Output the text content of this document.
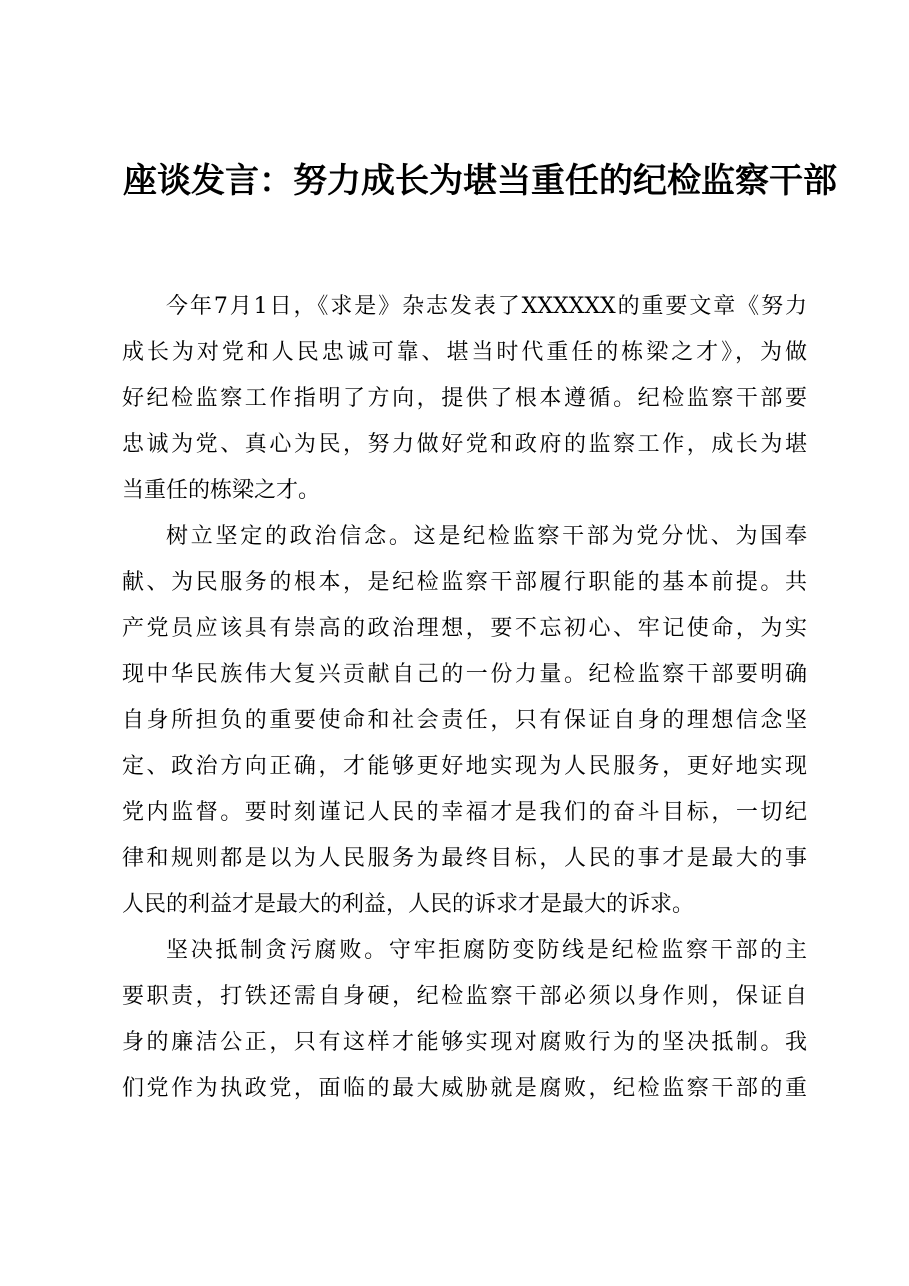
座谈发言：努力成长为堪当重任的纪检监察干部
今年7月1日，《求是》杂志发表了XXXXXX的重要文章《努力
成长为对党和人民忠诚可靠、堪当时代重任的栋梁之才》，为做
好纪检监察工作指明了方向，提供了根本遵循。纪检监察干部要
忠诚为党、真心为民，努力做好党和政府的监察工作，成长为堪
当重任的栋梁之才。
树立坚定的政治信念。这是纪检监察干部为党分忧、为国奉
献、为民服务的根本，是纪检监察干部履行职能的基本前提。共
产党员应该具有崇高的政治理想，要不忘初心、牢记使命，为实
现中华民族伟大复兴贡献自己的一份力量。纪检监察干部要明确
自身所担负的重要使命和社会责任，只有保证自身的理想信念坚
定、政治方向正确，才能够更好地实现为人民服务，更好地实现
党内监督。要时刻谨记人民的幸福才是我们的奋斗目标，一切纪
律和规则都是以为人民服务为最终目标，人民的事才是最大的事
人民的利益才是最大的利益，人民的诉求才是最大的诉求。
坚决抵制贪污腐败。守牢拒腐防变防线是纪检监察干部的主
要职责，打铁还需自身硬，纪检监察干部必须以身作则，保证自
身的廉洁公正，只有这样才能够实现对腐败行为的坚决抵制。我
们党作为执政党，面临的最大威胁就是腐败，纪检监察干部的重
